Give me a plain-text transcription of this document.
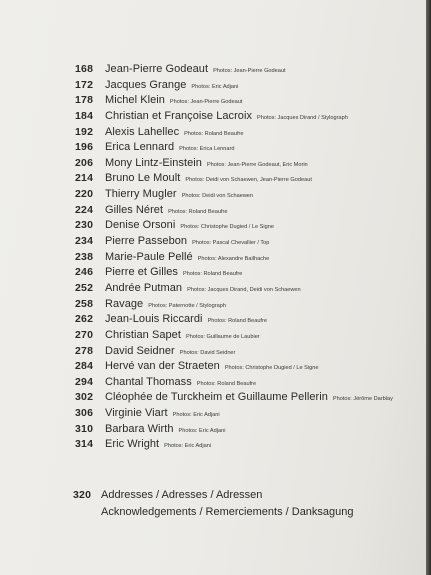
168	Jean-Pierre Godeaut Photos: Jean-Pierre Godeaut
172	Jacques Grange Photos: Eric Adjani
178	Michel Klein Photos: Jean-Pierre Godeaut
184	Christian et Françoise Lacroix Photos: Jacques Dirand / Stylograph
192	Alexis Lahellec Photos: Roland Beaufre
196	Erica Lennard Photos: Erica Lennard
206	Mony Lintz-Einstein Photos: Jean-Pierre Godeaut, Eric Morin
214	Bruno Le Moult Photos: Deidi von Schaewen, Jean-Pierre Godeaut
220	Thierry Mugler Photos: Deidi von Schaewen
224	Gilles Néret Photos: Roland Beaufre
230	Denise Orsoni Photos: Christophe Dugied / Le Signe
234	Pierre Passebon Photos: Pascal Chevallier / Top
238	Marie-Paule Pellé Photos: Alexandre Bailhache
246	Pierre et Gilles Photos: Roland Beaufre
252	Andrée Putman Photos: Jacques Dirand, Deidi von Schaewen
258	Ravage Photos: Paternotte / Stylograph
262	Jean-Louis Riccardi Photos: Roland Beaufre
270	Christian Sapet Photos: Guillaume de Laubier
278	David Seidner Photos: David Seidner
284	Hervé van der Straeten Photos: Christophe Dugied / Le Signe
294	Chantal Thomass Photos: Roland Beaufre
302	Cléophée de Turckheim et Guillaume Pellerin Photos: Jérôme Darblay
306	Virginie Viart Photos: Eric Adjani
310	Barbara Wirth Photos: Eric Adjani
314	Eric Wright Photos: Eric Adjani
320 Addresses / Adresses / Adressen
Acknowledgements / Remerciements / Danksagung
